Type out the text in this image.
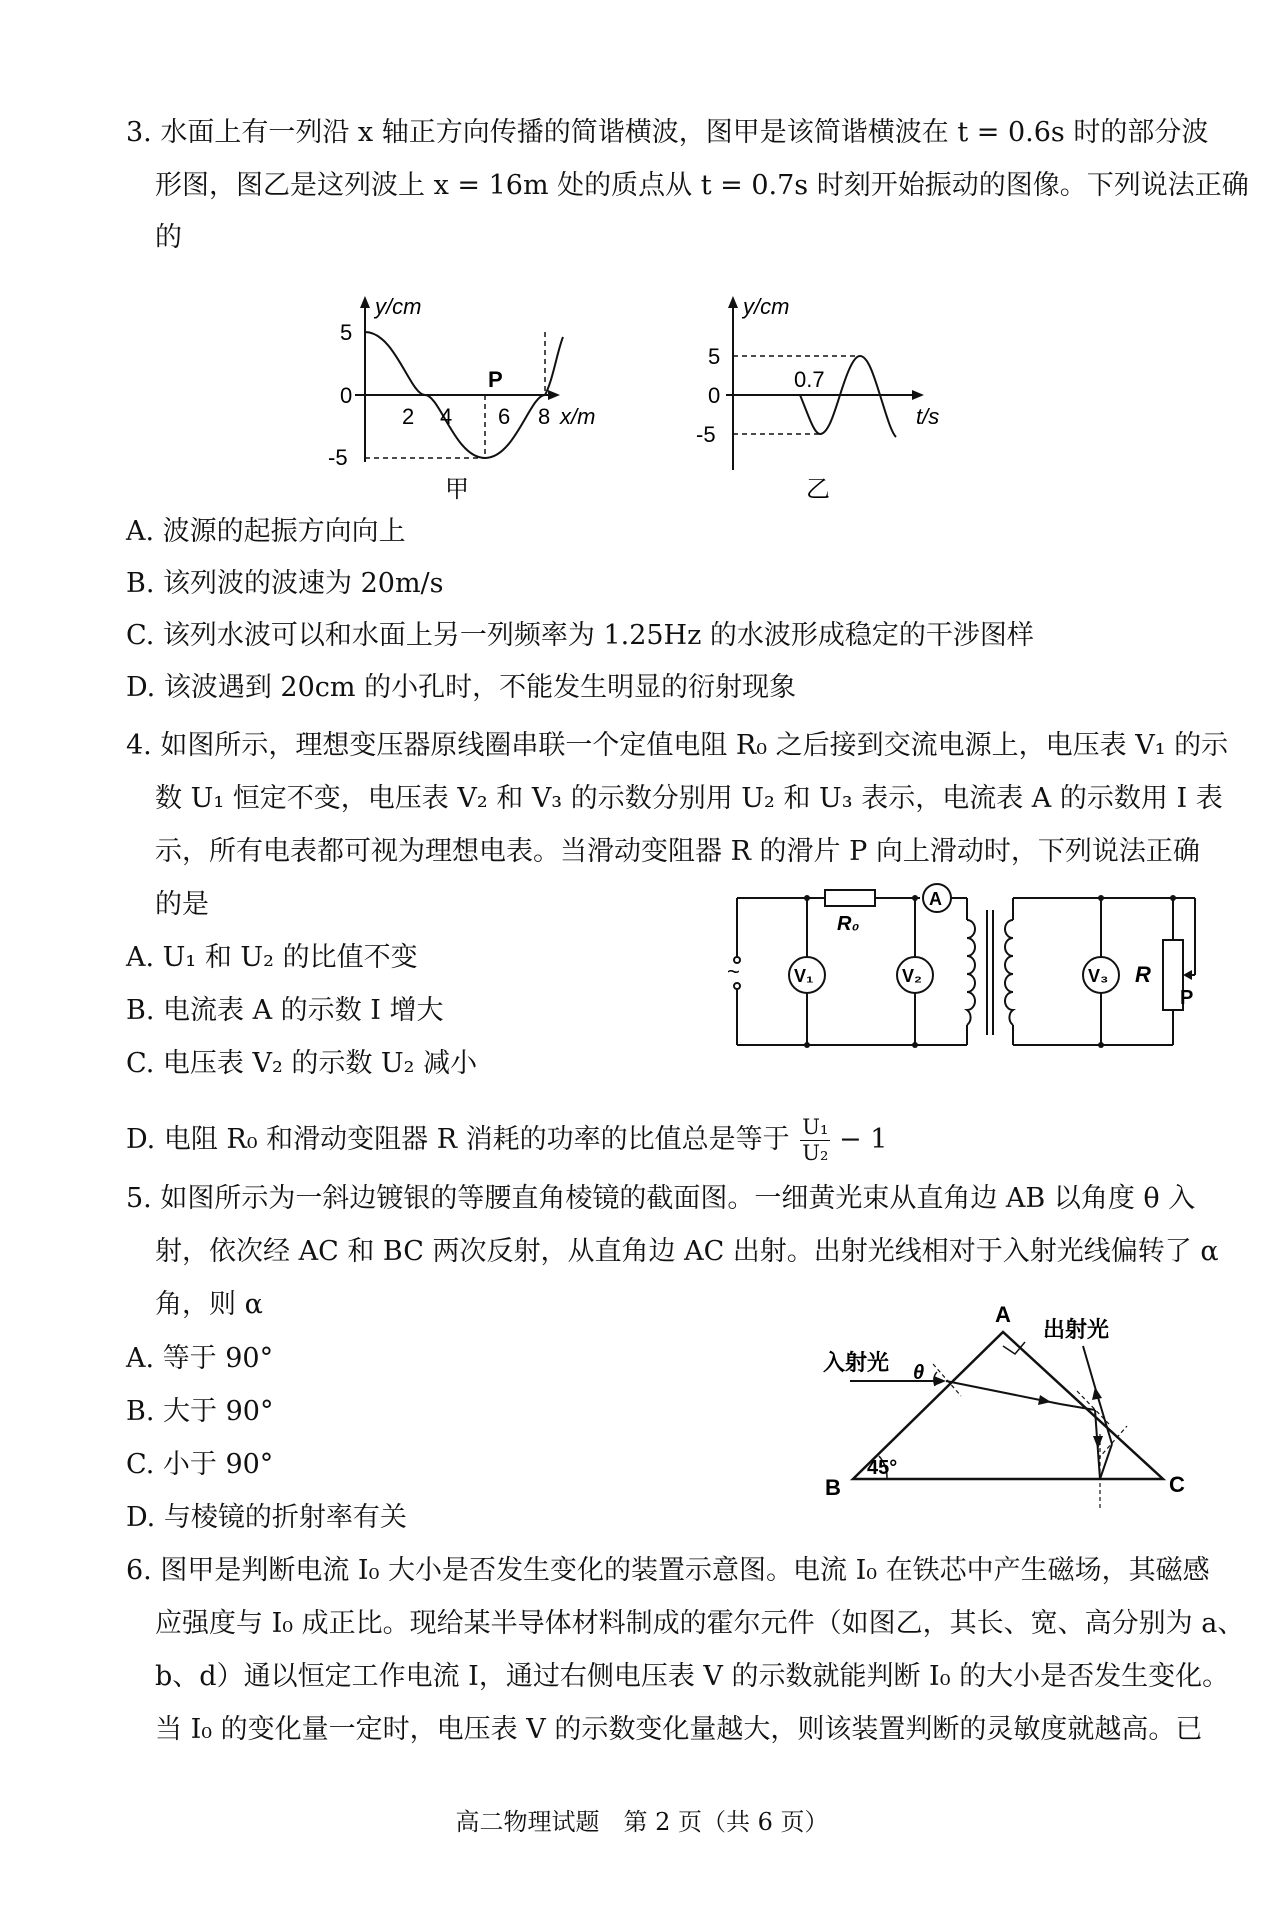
3. 水面上有一列沿 x 轴正方向传播的简谐横波，图甲是该简谐横波在 t = 0.6s 时的部分波
形图，图乙是这列波上 x = 16m 处的质点从 t = 0.7s 时刻开始振动的图像。下列说法正确
的
y/cm
5
0
-5
2 4 6 8 x/m
P
甲
y/cm
5
0
-5
0.7
t/s
乙
A. 波源的起振方向向上
B. 该列波的波速为 20m/s
C. 该列水波可以和水面上另一列频率为 1.25Hz 的水波形成稳定的干涉图样
D. 该波遇到 20cm 的小孔时，不能发生明显的衍射现象
4. 如图所示，理想变压器原线圈串联一个定值电阻 R₀ 之后接到交流电源上，电压表 V₁ 的示
数 U₁ 恒定不变，电压表 V₂ 和 V₃ 的示数分别用 U₂ 和 U₃ 表示，电流表 A 的示数用 I 表
示，所有电表都可视为理想电表。当滑动变阻器 R 的滑片 P 向上滑动时，下列说法正确
的是
~
R₀
A
V₁	V₂	V₃ R
P
A. U₁ 和 U₂ 的比值不变
B. 电流表 A 的示数 I 增大
C. 电压表 V₂ 的示数 U₂ 减小
D. 电阻 R₀ 和滑动变阻器 R 消耗的功率的比值总是等于 $\frac{\text{U₁}}{\text{U₂}} - 1$
5. 如图所示为一斜边镀银的等腰直角棱镜的截面图。一细黄光束从直角边 AB 以角度 θ 入
射，依次经 AC 和 BC 两次反射，从直角边 AC 出射。出射光线相对于入射光线偏转了 α
角，则 α	A
B	C
45°
θ
入射光
出射光
A. 等于 90°
B. 大于 90°
C. 小于 90°
D. 与棱镜的折射率有关
6. 图甲是判断电流 I₀ 大小是否发生变化的装置示意图。电流 I₀ 在铁芯中产生磁场，其磁感
应强度与 I₀ 成正比。现给某半导体材料制成的霍尔元件（如图乙，其长、宽、高分别为 a、
b、d）通以恒定工作电流 I，通过右侧电压表 V 的示数就能判断 I₀ 的大小是否发生变化。
当 I₀ 的变化量一定时，电压表 V 的示数变化量越大，则该装置判断的灵敏度就越高。已
高二物理试题　第 2 页（共 6 页）
